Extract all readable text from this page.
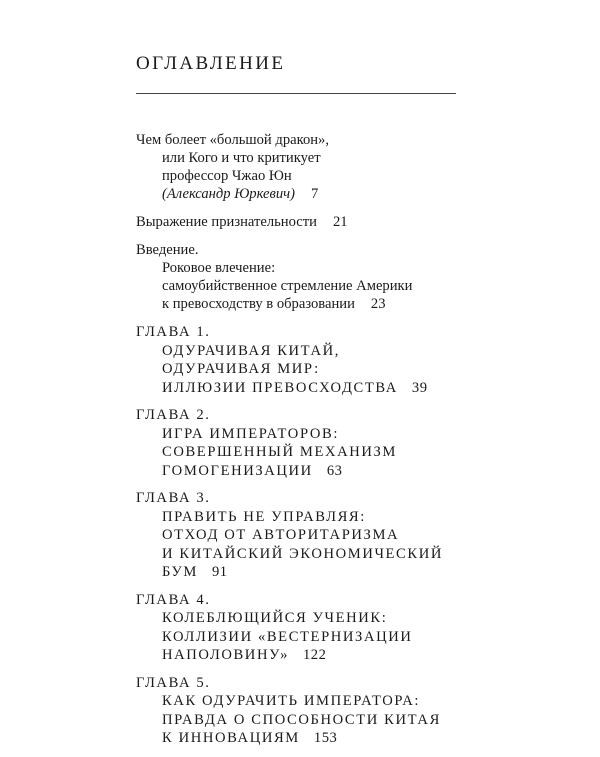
ОГЛАВЛЕНИЕ
Чем болеет «большой дракон»,
или Кого и что критикует
профессор Чжао Юн
(Александр Юркевич) 7
Выражение признательности 21
Введение.
Роковое влечение:
самоубийственное стремление Америки
к превосходству в образовании 23
ГЛАВА 1.
ОДУРАЧИВАЯ КИТАЙ,
ОДУРАЧИВАЯ МИР:
ИЛЛЮЗИИ ПРЕВОСХОДСТВА 39
ГЛАВА 2.
ИГРА ИМПЕРАТОРОВ:
СОВЕРШЕННЫЙ МЕХАНИЗМ
ГОМОГЕНИЗАЦИИ 63
ГЛАВА 3.
ПРАВИТЬ НЕ УПРАВЛЯЯ:
ОТХОД ОТ АВТОРИТАРИЗМА
И КИТАЙСКИЙ ЭКОНОМИЧЕСКИЙ
БУМ 91
ГЛАВА 4.
КОЛЕБЛЮЩИЙСЯ УЧЕНИК:
КОЛЛИЗИИ «ВЕСТЕРНИЗАЦИИ
НАПОЛОВИНУ» 122
ГЛАВА 5.
КАК ОДУРАЧИТЬ ИМПЕРАТОРА:
ПРАВДА О СПОСОБНОСТИ КИТАЯ
К ИННОВАЦИЯМ 153
